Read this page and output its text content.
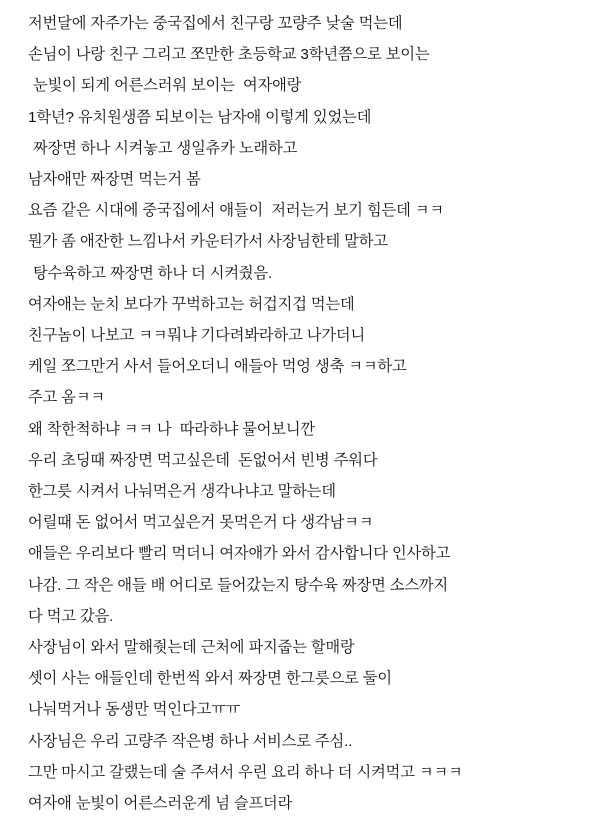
저번달에 자주가는 중국집에서 친구랑 꼬량주 낮술 먹는데
손님이 나랑 친구 그리고 쪼만한 초등학교 3학년쯤으로 보이는
눈빛이 되게 어른스러워 보이는  여자애랑
1학년? 유치원생쯤 되보이는 남자애 이렇게 있었는데
짜장면 하나 시켜놓고 생일츄카 노래하고
남자애만 짜장면 먹는거 봄
요즘 같은 시대에 중국집에서 애들이  저러는거 보기 힘든데 ㅋㅋ
뭔가 좀 애잔한 느낌나서 카운터가서 사장님한테 말하고
탕수육하고 짜장면 하나 더 시켜줬음.
여자애는 눈치 보다가 꾸벅하고는 허겁지겁 먹는데
친구놈이 나보고 ㅋㅋ뭐냐 기다려봐라하고 나가더니
케일 쪼그만거 사서 들어오더니 애들아 먹엉 생축 ㅋㅋ하고
주고 옴ㅋㅋ
왜 착한척하냐 ㅋㅋ 나  따라하냐 물어보니깐
우리 초딩때 짜장면 먹고싶은데  돈없어서 빈병 주워다
한그릇 시켜서 나눠먹은거 생각나냐고 말하는데
어릴때 돈 없어서 먹고싶은거 못먹은거 다 생각남ㅋㅋ
애들은 우리보다 빨리 먹더니 여자애가 와서 감사합니다 인사하고
나감. 그 작은 애들 배 어디로 들어갔는지 탕수육 짜장면 소스까지
다 먹고 갔음.
사장님이 와서 말해줫는데 근처에 파지줍는 할매랑
셋이 사는 애들인데 한번씩 와서 짜장면 한그릇으로 둘이
나눠먹거나 동생만 먹인다고ㅠㅠ
사장님은 우리 고량주 작은병 하나 서비스로 주심..
그만 마시고 갈랬는데 술 주셔서 우린 요리 하나 더 시켜먹고 ㅋㅋㅋ
여자애 눈빛이 어른스러운게 넘 슬프더라
